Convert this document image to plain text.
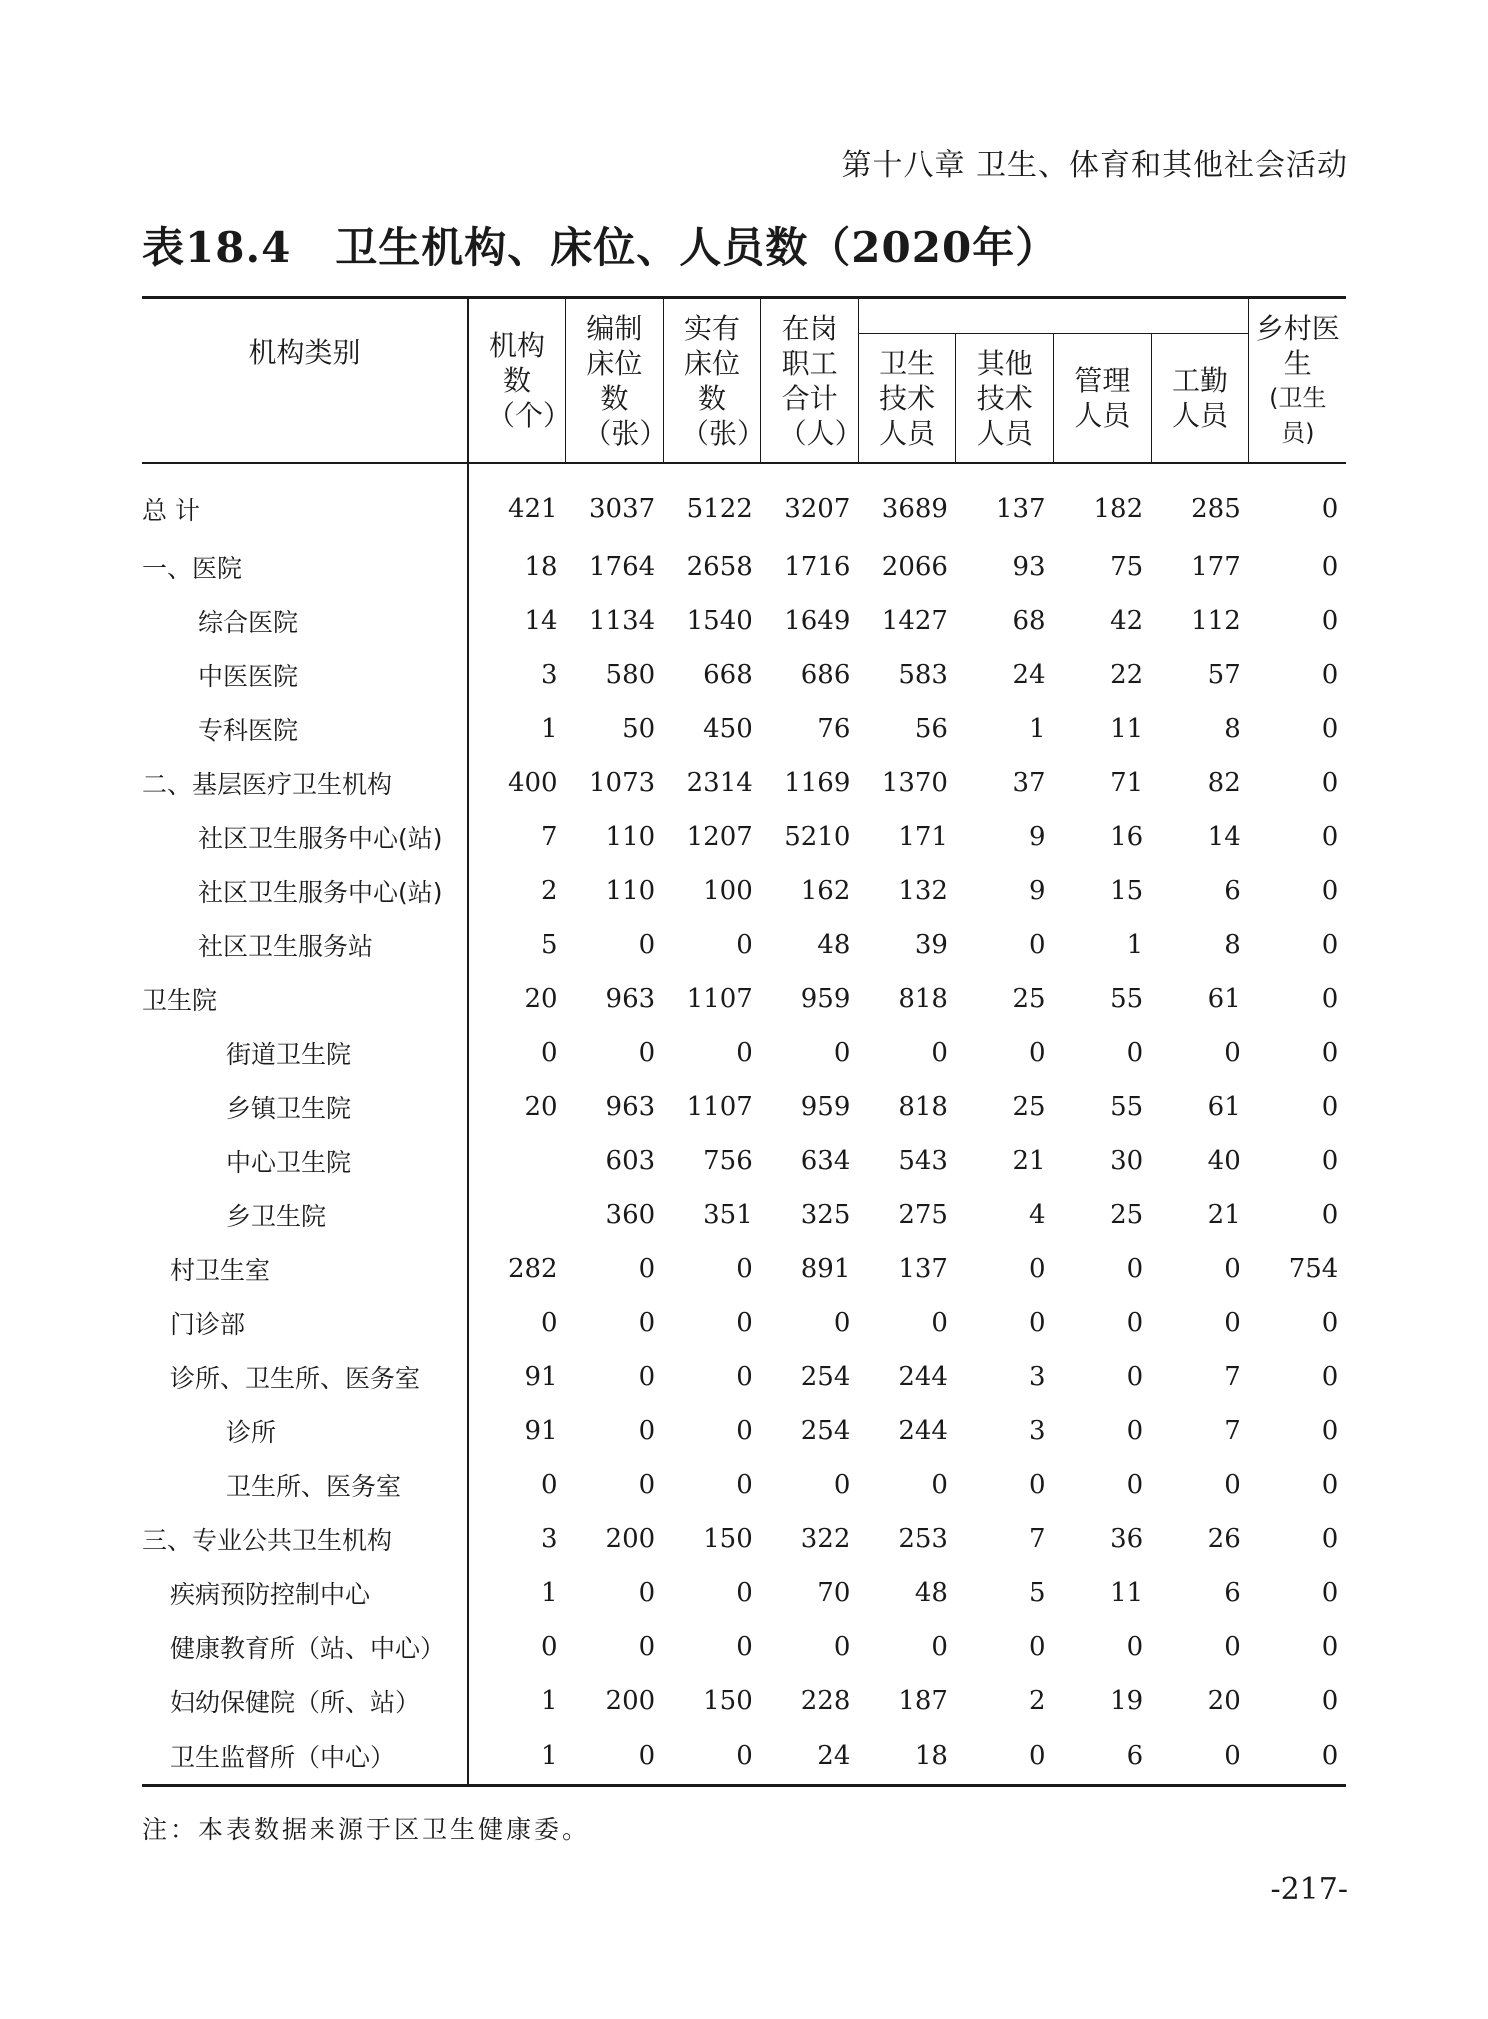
第十八章 卫生、体育和其他社会活动
表18.4 卫生机构、床位、人员数（2020年）
机构类别	机构数（个）	编制床位数（张）	实有床位数（张）	在岗职工合计（人）					乡村医生
(卫生员)

					卫生技术人员	其他技术人员	管理人员	工勤人员	

总 计	421	3037	5122	3207	3689	137	182	285	0
一、医院	18	1764	2658	1716	2066	93	75	177	0
综合医院	14	1134	1540	1649	1427	68	42	112	0
中医医院	3	580	668	686	583	24	22	57	0
专科医院	1	50	450	76	56	1	11	8	0
二、基层医疗卫生机构	400	1073	2314	1169	1370	37	71	82	0
社区卫生服务中心(站)	7	110	1207	5210	171	9	16	14	0
社区卫生服务中心(站)	2	110	100	162	132	9	15	6	0
社区卫生服务站	5	0	0	48	39	0	1	8	0
卫生院	20	963	1107	959	818	25	55	61	0
街道卫生院	0	0	0	0	0	0	0	0	0
乡镇卫生院	20	963	1107	959	818	25	55	61	0
中心卫生院		603	756	634	543	21	30	40	0
乡卫生院		360	351	325	275	4	25	21	0
村卫生室	282	0	0	891	137	0	0	0	754
门诊部	0	0	0	0	0	0	0	0	0
诊所、卫生所、医务室	91	0	0	254	244	3	0	7	0
诊所	91	0	0	254	244	3	0	7	0
卫生所、医务室	0	0	0	0	0	0	0	0	0
三、专业公共卫生机构	3	200	150	322	253	7	36	26	0
疾病预防控制中心	1	0	0	70	48	5	11	6	0
健康教育所（站、中心）	0	0	0	0	0	0	0	0	0
妇幼保健院（所、站）	1	200	150	228	187	2	19	20	0
卫生监督所（中心）	1	0	0	24	18	0	6	0	0
注：本表数据来源于区卫生健康委。
-217-
